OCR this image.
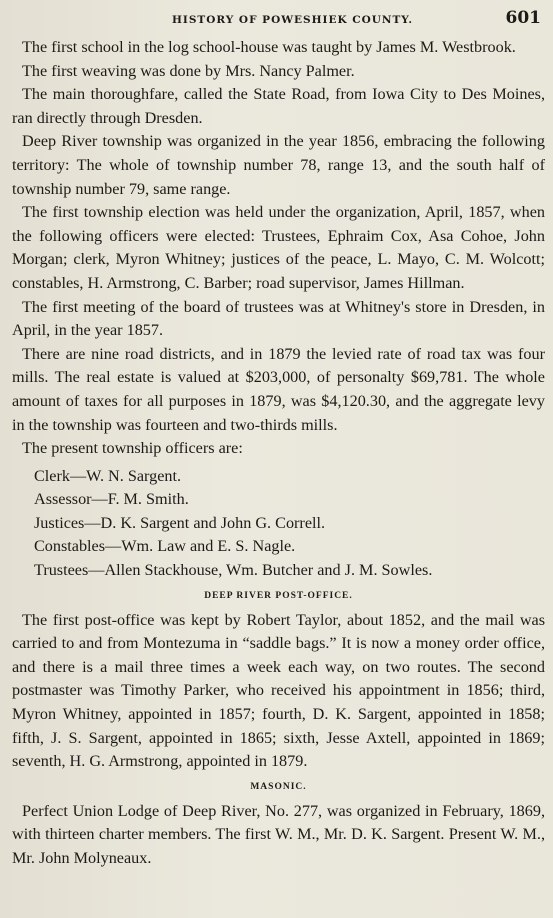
HISTORY OF POWESHIEK COUNTY.	601

The first school in the log school-house was taught by James M. Westbrook.

The first weaving was done by Mrs. Nancy Palmer.

The main thoroughfare, called the State Road, from Iowa City to Des Moines, ran directly through Dresden.

Deep River township was organized in the year 1856, embracing the following territory: The whole of township number 78, range 13, and the south half of township number 79, same range.

The first township election was held under the organization, April, 1857, when the following officers were elected: Trustees, Ephraim Cox, Asa Cohoe, John Morgan; clerk, Myron Whitney; justices of the peace, L. Mayo, C. M. Wolcott; constables, H. Armstrong, C. Barber; road supervisor, James Hillman.

The first meeting of the board of trustees was at Whitney's store in Dresden, in April, in the year 1857.

There are nine road districts, and in 1879 the levied rate of road tax was four mills. The real estate is valued at $203,000, of personalty $69,781. The whole amount of taxes for all purposes in 1879, was $4,120.30, and the aggregate levy in the township was fourteen and two-thirds mills.

The present township officers are:

Clerk—W. N. Sargent.
Assessor—F. M. Smith.
Justices—D. K. Sargent and John G. Correll.
Constables—Wm. Law and E. S. Nagle.
Trustees—Allen Stackhouse, Wm. Butcher and J. M. Sowles.
DEEP RIVER POST-OFFICE.

The first post-office was kept by Robert Taylor, about 1852, and the mail was carried to and from Montezuma in “saddle bags.” It is now a money order office, and there is a mail three times a week each way, on two routes. The second postmaster was Timothy Parker, who received his appointment in 1856; third, Myron Whitney, appointed in 1857; fourth, D. K. Sargent, appointed in 1858; fifth, J. S. Sargent, appointed in 1865; sixth, Jesse Axtell, appointed in 1869; seventh, H. G. Armstrong, appointed in 1879.

MASONIC.

Perfect Union Lodge of Deep River, No. 277, was organized in February, 1869, with thirteen charter members. The first W. M., Mr. D. K. Sargent. Present W. M., Mr. John Molyneaux.
